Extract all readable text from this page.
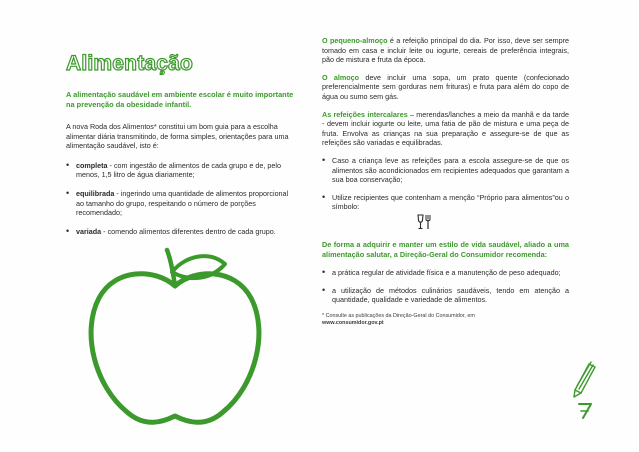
Alimentação
A alimentação saudável em ambiente escolar é muito importante na prevenção da obesidade infantil.

A nova Roda dos Alimentos* constitui um bom guia para a escolha alimentar diária transmitindo, de forma simples, orientações para uma alimentação saudável, isto é:

• completa - com ingestão de alimentos de cada grupo e de, pelo menos, 1,5 litro de água diariamente;
• equilibrada - ingerindo uma quantidade de alimentos proporcional ao tamanho do grupo, respeitando o número de porções recomendado;
• variada - comendo alimentos diferentes dentro de cada grupo.

O pequeno-almoço é a refeição principal do dia. Por isso, deve ser sempre tomado em casa e incluir leite ou iogurte, cereais de preferência integrais, pão de mistura e fruta da época.

O almoço deve incluir uma sopa, um prato quente (confecionado preferencialmente sem gorduras nem frituras) e fruta para além do copo de água ou sumo sem gás.

As refeições intercalares – merendas/lanches a meio da manhã e da tarde - devem incluir iogurte ou leite, uma fatia de pão de mistura e uma peça de fruta. Envolva as crianças na sua preparação e assegure-se de que as refeições são variadas e equilibradas.

• Caso a criança leve as refeições para a escola assegure-se de que os alimentos são acondicionados em recipientes adequados que garantam a sua boa conservação;
• Utilize recipientes que contenham a menção “Próprio para alimentos”ou o símbolo:
De forma a adquirir e manter um estilo de vida saudável, aliado a uma alimentação salutar, a Direção-Geral do Consumidor recomenda:
• a prática regular de atividade física e a manutenção de peso adequado;
• a utilização de métodos culinários saudáveis, tendo em atenção a quantidade, qualidade e variedade de alimentos.
* Consulte as publicações da Direção-Geral do Consumidor, em
www.consumidor.gov.pt
